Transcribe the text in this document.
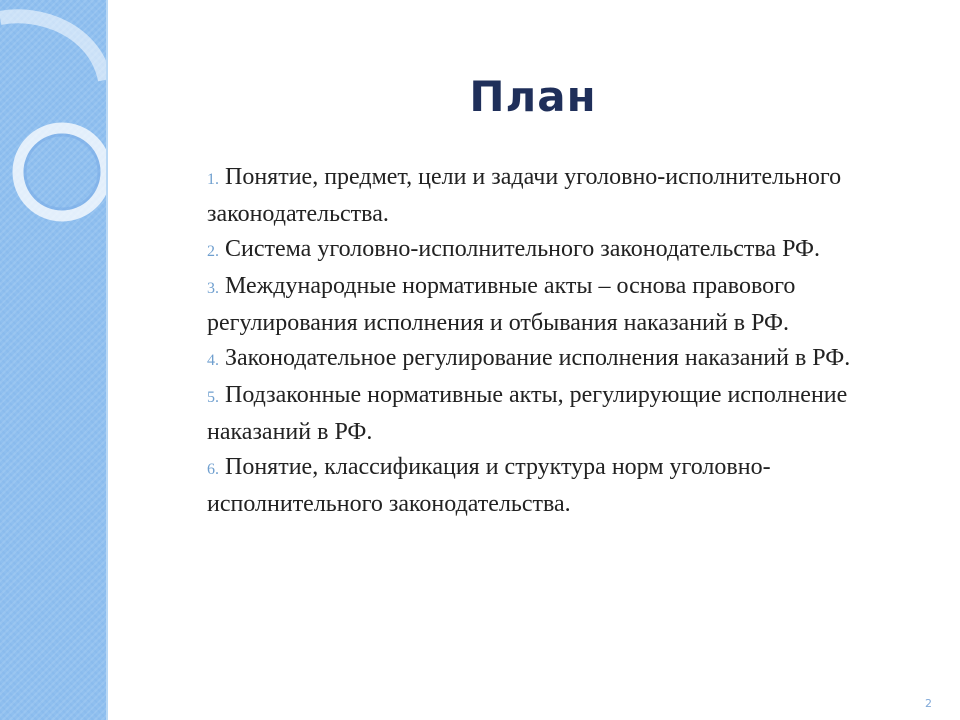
План
1. Понятие, предмет, цели и задачи уголовно-исполнительного законодательства.
2. Система уголовно-исполнительного законодательства РФ.
3. Международные нормативные акты – основа правового регулирования исполнения и отбывания наказаний в РФ.
4. Законодательное регулирование исполнения наказаний в РФ.
5. Подзаконные нормативные акты, регулирующие исполнение наказаний в РФ.
6. Понятие, классификация и структура норм уголовно-исполнительного законодательства.
2
